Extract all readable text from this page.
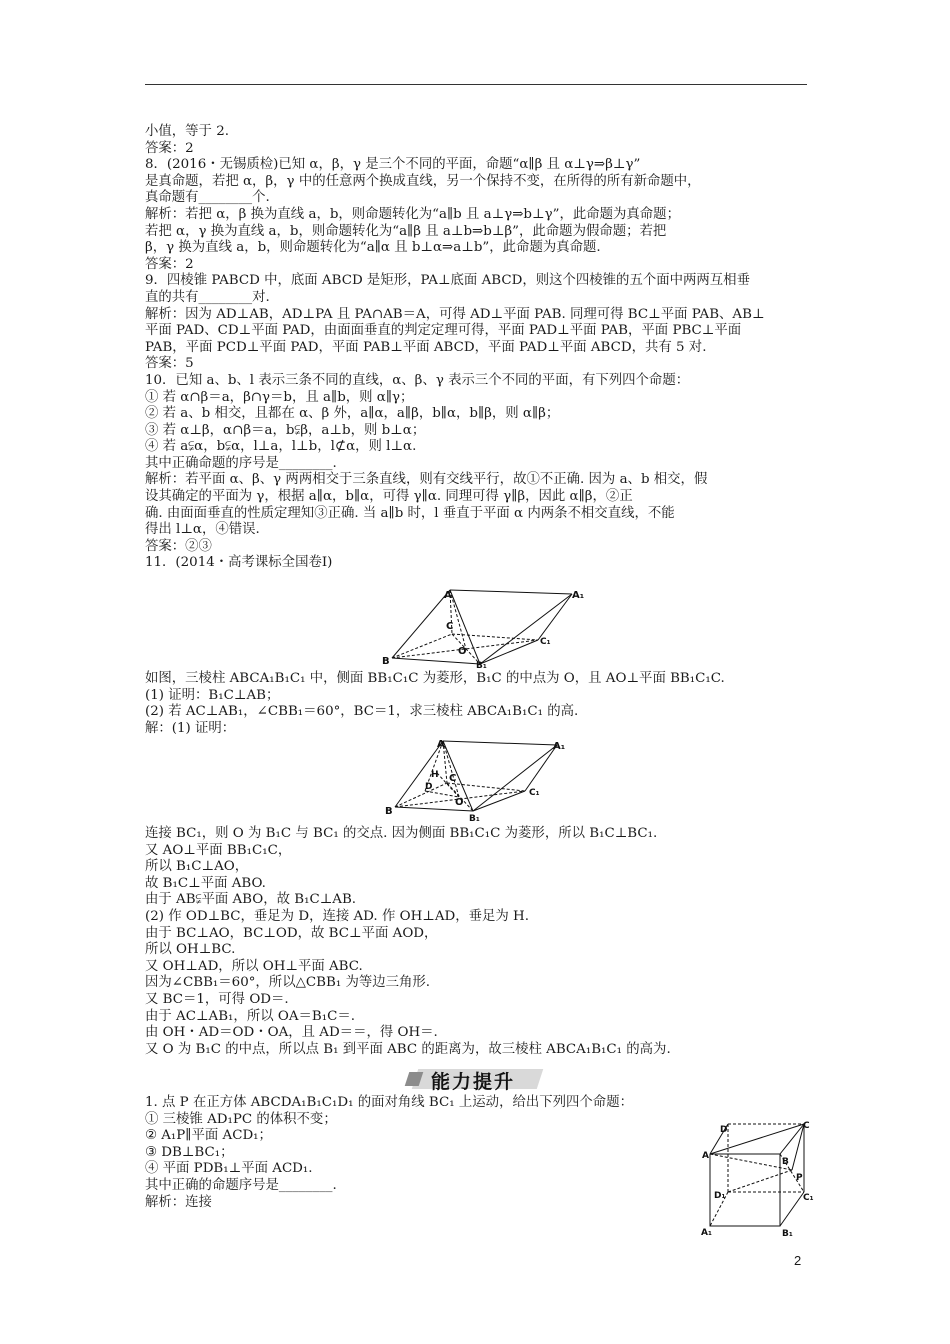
小值，等于 2.
答案：2
8．(2016・无锡质检)已知 α，β，γ 是三个不同的平面，命题“α∥β 且 α⊥γ⇒β⊥γ”
是真命题，若把 α，β，γ 中的任意两个换成直线，另一个保持不变，在所得的所有新命题中，
真命题有________个.
解析：若把 α，β 换为直线 a，b，则命题转化为“a∥b 且 a⊥γ⇒b⊥γ”，此命题为真命题；
若把 α，γ 换为直线 a，b，则命题转化为“a∥β 且 a⊥b⇒b⊥β”，此命题为假命题；若把
β，γ 换为直线 a，b，则命题转化为“a∥α 且 b⊥α⇒a⊥b”，此命题为真命题.
答案：2
9．四棱锥 PABCD 中，底面 ABCD 是矩形，PA⊥底面 ABCD，则这个四棱锥的五个面中两两互相垂
直的共有________对.
解析：因为 AD⊥AB，AD⊥PA 且 PA∩AB＝A，可得 AD⊥平面 PAB. 同理可得 BC⊥平面 PAB、AB⊥
平面 PAD、CD⊥平面 PAD，由面面垂直的判定定理可得，平面 PAD⊥平面 PAB，平面 PBC⊥平面
PAB，平面 PCD⊥平面 PAD，平面 PAB⊥平面 ABCD，平面 PAD⊥平面 ABCD，共有 5 对.
答案：5
10．已知 a、b、l 表示三条不同的直线，α、β、γ 表示三个不同的平面，有下列四个命题：
① 若 α∩β＝a，β∩γ＝b，且 a∥b，则 α∥γ；
② 若 a、b 相交，且都在 α、β 外，a∥α，a∥β，b∥α，b∥β，则 α∥β；
③ 若 α⊥β，α∩β＝a，b⫋β，a⊥b，则 b⊥α；
④ 若 a⫋α，b⫋α，l⊥a，l⊥b，l⊄α，则 l⊥α.
其中正确命题的序号是________.
解析：若平面 α、β、γ 两两相交于三条直线，则有交线平行，故①不正确. 因为 a、b 相交，假
设其确定的平面为 γ，根据 a∥α，b∥α，可得 γ∥α. 同理可得 γ∥β，因此 α∥β，②正
确. 由面面垂直的性质定理知③正确. 当 a∥b 时，l 垂直于平面 α 内两条不相交直线，不能
得出 l⊥α，④错误.
答案：②③
11．(2014・高考课标全国卷Ⅰ)
A	A₁
B	B₁
C
C₁
O
如图，三棱柱 ABCA₁B₁C₁ 中，侧面 BB₁C₁C 为菱形，B₁C 的中点为 O，且 AO⊥平面 BB₁C₁C.
(1) 证明：B₁C⊥AB；
(2) 若 AC⊥AB₁，∠CBB₁＝60°，BC＝1，求三棱柱 ABCA₁B₁C₁ 的高.
解：(1) 证明：
A	A₁
B
B₁
C
C₁
O
D
H
连接 BC₁，则 O 为 B₁C 与 BC₁ 的交点. 因为侧面 BB₁C₁C 为菱形，所以 B₁C⊥BC₁.
又 AO⊥平面 BB₁C₁C，
所以 B₁C⊥AO，
故 B₁C⊥平面 ABO.
由于 AB⫋平面 ABO，故 B₁C⊥AB.
(2) 作 OD⊥BC，垂足为 D，连接 AD. 作 OH⊥AD，垂足为 H.
由于 BC⊥AO，BC⊥OD，故 BC⊥平面 AOD，
所以 OH⊥BC.
又 OH⊥AD，所以 OH⊥平面 ABC.
因为∠CBB₁＝60°，所以△CBB₁ 为等边三角形.
又 BC＝1，可得 OD＝.
由于 AC⊥AB₁，所以 OA＝B₁C＝.
由 OH・AD＝OD・OA，且 AD＝＝，得 OH＝.
又 O 为 B₁C 的中点，所以点 B₁ 到平面 ABC 的距离为，故三棱柱 ABCA₁B₁C₁ 的高为.
能力提升
1. 点 P 在正方体 ABCDA₁B₁C₁D₁ 的面对角线 BC₁ 上运动，给出下列四个命题：
① 三棱锥 AD₁PC 的体积不变；
② A₁P∥平面 ACD₁；
③ DB⊥BC₁；
④ 平面 PDB₁⊥平面 ACD₁.
其中正确的命题序号是________.
解析：连接
D	C
A
B
P
D₁	C₁
A₁	B₁
2
